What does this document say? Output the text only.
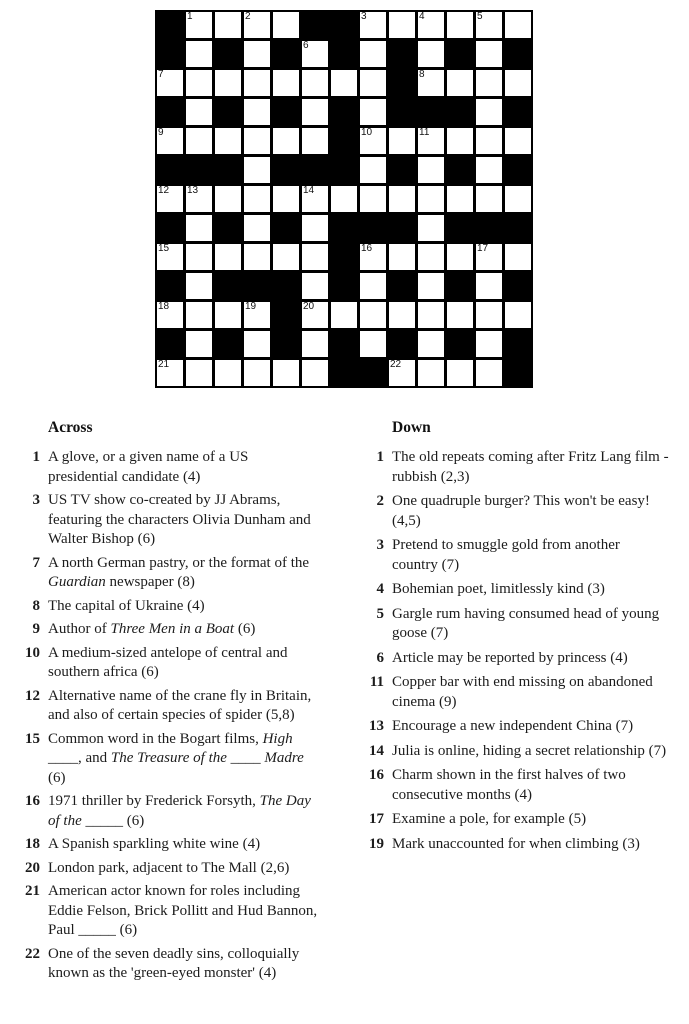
1	2	3	4	5
6
7	8
9	10	11
12 13	14
15	16	17
18	19	20
21	22
Across
1 A glove, or a given name of a US presidential candidate (4)
3 US TV show co-created by JJ Abrams, featuring the characters Olivia Dunham and Walter Bishop (6)
7 A north German pastry, or the format of the Guardian newspaper (8)
8 The capital of Ukraine (4)
9 Author of Three Men in a Boat (6)
10 A medium-sized antelope of central and southern africa (6)
12 Alternative name of the crane fly in Britain, and also of certain species of spider (5,8)
15 Common word in the Bogart films, High ____, and The Treasure of the ____ Madre (6)
16 1971 thriller by Frederick Forsyth, The Day of the _____ (6)
18 A Spanish sparkling white wine (4)
20 London park, adjacent to The Mall (2,6)
21 American actor known for roles including Eddie Felson, Brick Pollitt and Hud Bannon, Paul _____ (6)
22 One of the seven deadly sins, colloquially known as the 'green-eyed monster' (4)
Down
1 The old repeats coming after Fritz Lang film - rubbish (2,3)
2 One quadruple burger? This won't be easy! (4,5)
3 Pretend to smuggle gold from another country (7)
4 Bohemian poet, limitlessly kind (3)
5 Gargle rum having consumed head of young goose (7)
6 Article may be reported by princess (4)
11 Copper bar with end missing on abandoned cinema (9)
13 Encourage a new independent China (7)
14 Julia is online, hiding a secret relationship (7)
16 Charm shown in the first halves of two consecutive months (4)
17 Examine a pole, for example (5)
19 Mark unaccounted for when climbing (3)
